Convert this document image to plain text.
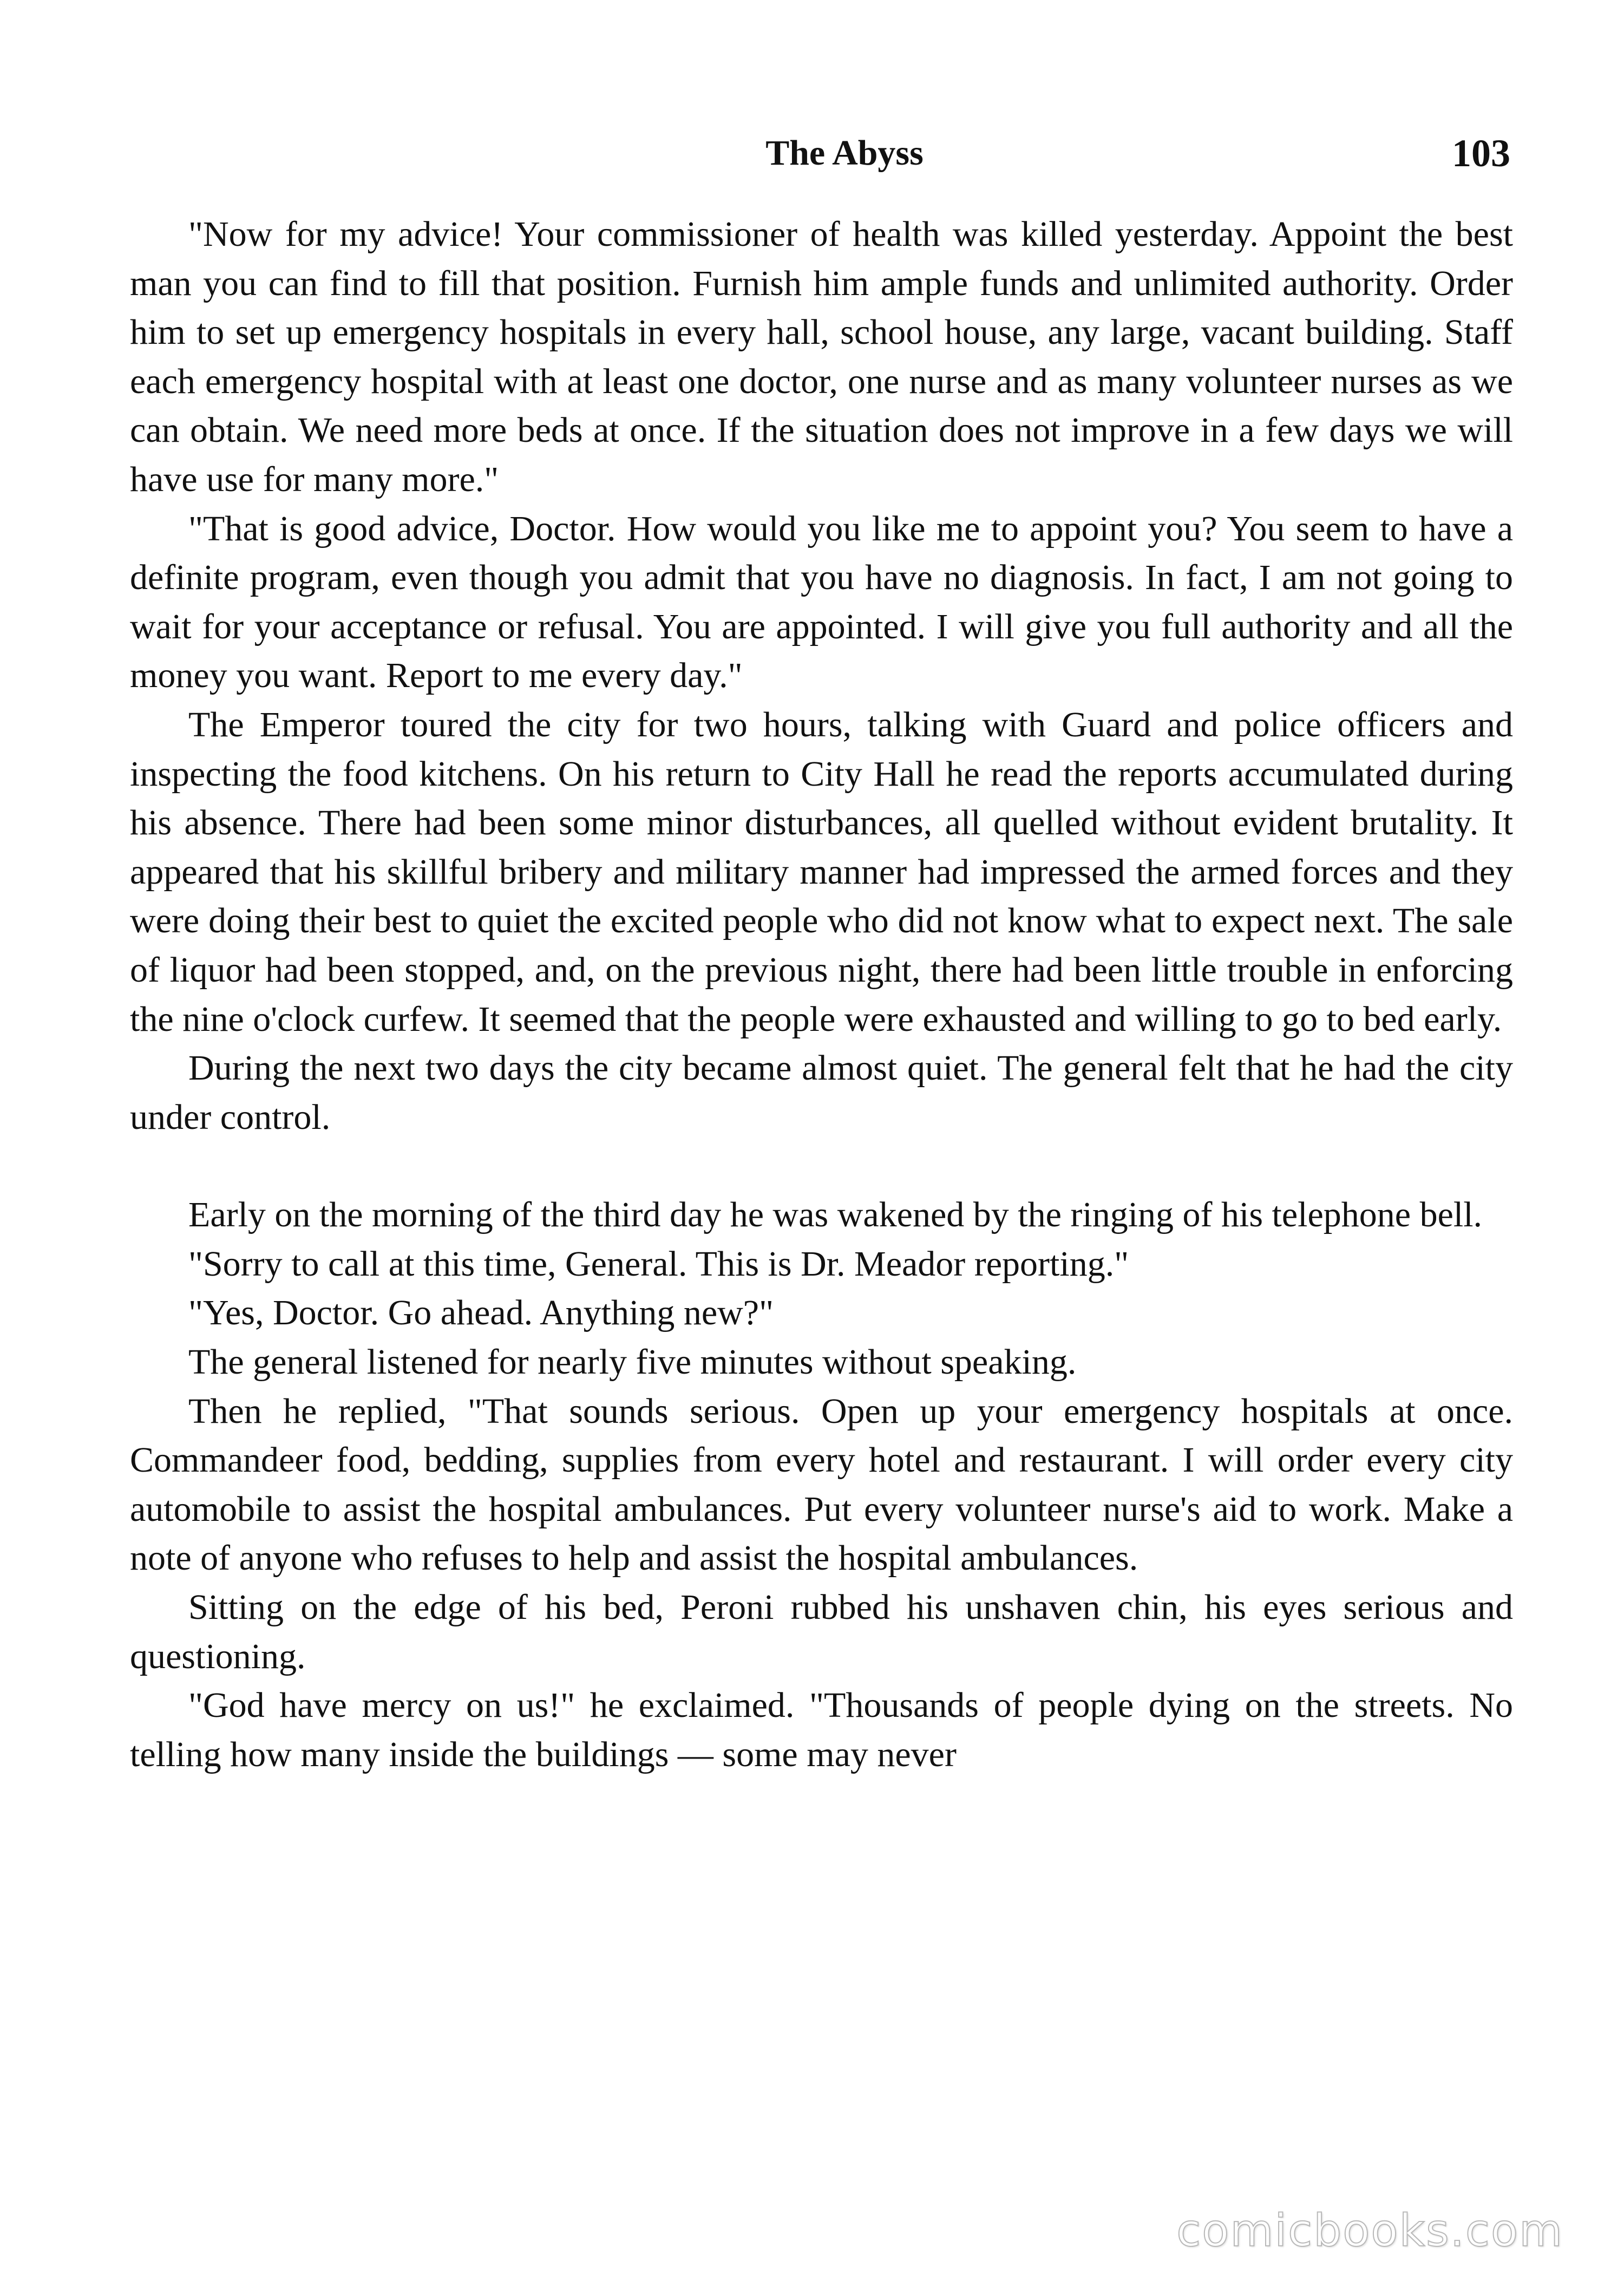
The Abyss	103

"Now for my advice! Your commissioner of health was killed yesterday. Appoint the best man you can find to fill that position. Furnish him ample funds and unlimited authority. Order him to set up emergency hospitals in every hall, school house, any large, vacant building. Staff each emergency hospital with at least one doctor, one nurse and as many volunteer nurses as we can obtain. We need more beds at once. If the situation does not improve in a few days we will have use for many more."

"That is good advice, Doctor. How would you like me to appoint you? You seem to have a definite program, even though you admit that you have no diagnosis. In fact, I am not going to wait for your acceptance or refusal. You are appointed. I will give you full authority and all the money you want. Report to me every day."

The Emperor toured the city for two hours, talking with Guard and police officers and inspecting the food kitchens. On his return to City Hall he read the reports accumulated during his absence. There had been some minor disturbances, all quelled without evident brutality. It appeared that his skillful bribery and military manner had impressed the armed forces and they were doing their best to quiet the excited people who did not know what to expect next. The sale of liquor had been stopped, and, on the previous night, there had been little trouble in enforcing the nine o'clock curfew. It seemed that the people were exhausted and willing to go to bed early.

During the next two days the city became almost quiet. The general felt that he had the city under control.

Early on the morning of the third day he was wakened by the ringing of his telephone bell.

"Sorry to call at this time, General. This is Dr. Meador reporting."

"Yes, Doctor. Go ahead. Anything new?"

The general listened for nearly five minutes without speaking.

Then he replied, "That sounds serious. Open up your emergency hospitals at once. Commandeer food, bedding, supplies from every hotel and restaurant. I will order every city automobile to assist the hospital ambulances. Put every volunteer nurse's aid to work. Make a note of anyone who refuses to help and assist the hospital ambulances.

Sitting on the edge of his bed, Peroni rubbed his unshaven chin, his eyes serious and questioning.

"God have mercy on us!" he exclaimed. "Thousands of people dying on the streets. No telling how many inside the buildings — some may never

comicbooks.com
